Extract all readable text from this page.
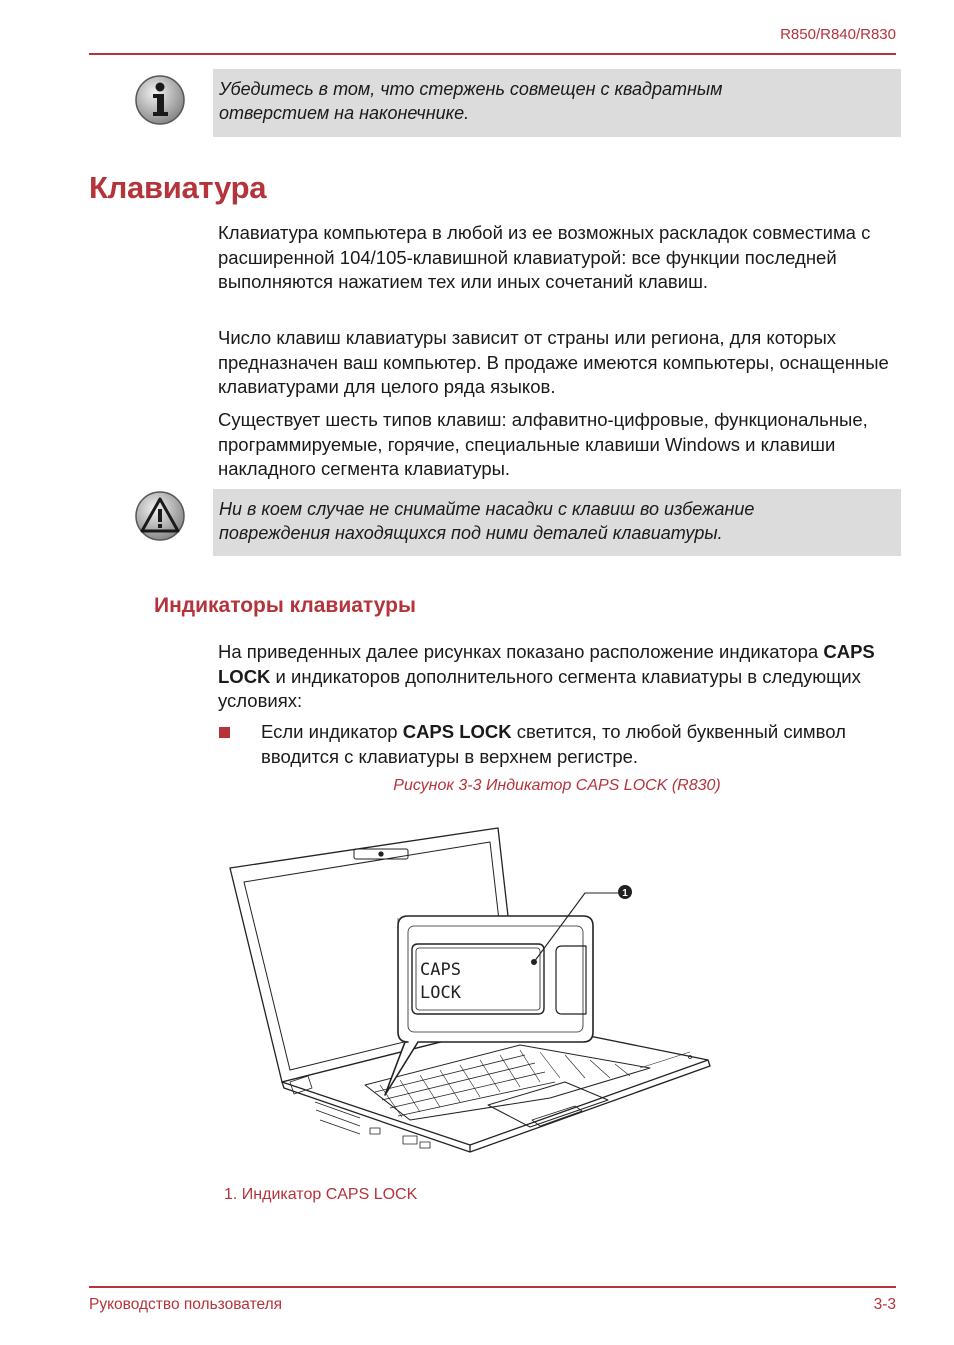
R850/R840/R830
Убедитесь в том, что стержень совмещен с квадратным
отверстием на наконечнике.
Клавиатура

Клавиатура компьютера в любой из ее возможных раскладок совместима с расширенной 104/105-клавишной клавиатурой: все функции последней выполняются нажатием тех или иных сочетаний клавиш.

Число клавиш клавиатуры зависит от страны или региона, для которых предназначен ваш компьютер. В продаже имеются компьютеры, оснащенные клавиатурами для целого ряда языков.

Существует шесть типов клавиш: алфавитно-цифровые, функциональные, программируемые, горячие, специальные клавиши Windows и клавиши накладного сегмента клавиатуры.

Ни в коем случае не снимайте насадки с клавиш во избежание
повреждения находящихся под ними деталей клавиатуры.
Индикаторы клавиатуры

На приведенных далее рисунках показано расположение индикатора CAPS LOCK и индикаторов дополнительного сегмента клавиатуры в следующих условиях:

Если индикатор CAPS LOCK светится, то любой буквенный символ вводится с клавиатуры в верхнем регистре.

Рисунок 3-3 Индикатор CAPS LOCK (R830)
1
CAPS
LOCK
1. Индикатор CAPS LOCK
Руководство пользователя	3-3
